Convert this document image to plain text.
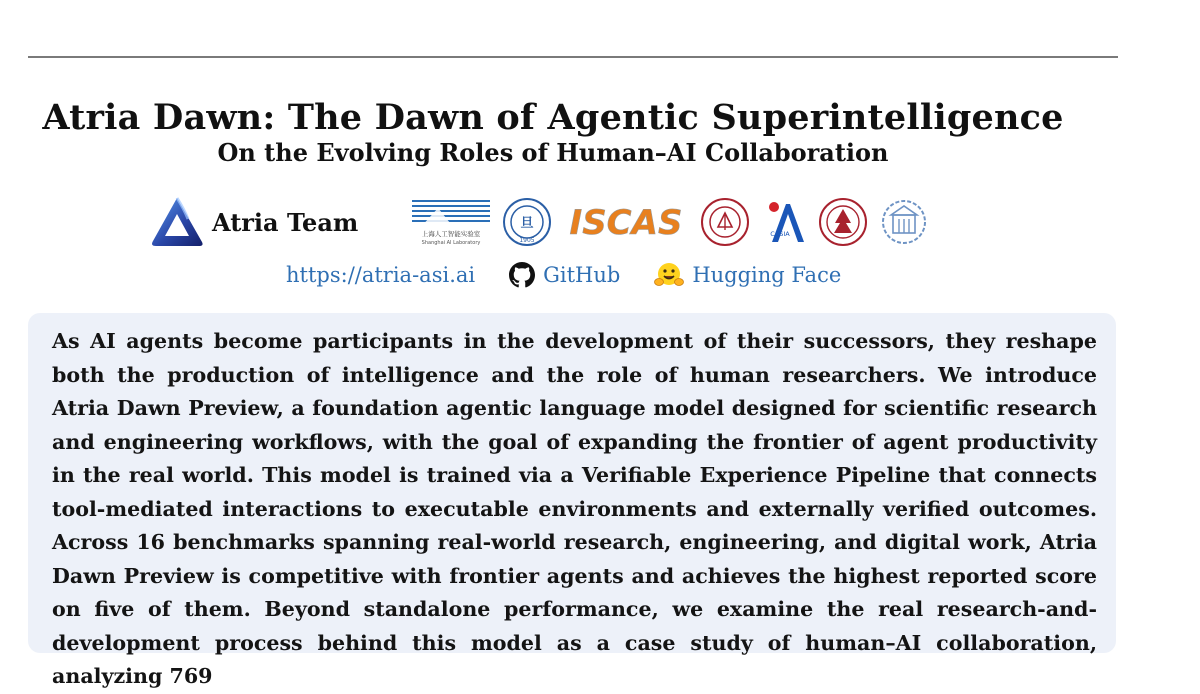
Atria Dawn: The Dawn of Agentic Superintelligence
On the Evolving Roles of Human–AI Collaboration
Atria Team	上海人工智能实验室
Shanghai AI Laboratory
旦
1905 ISCAS	CASIA
https://atria-asi.ai	GitHub	Hugging Face

As AI agents become participants in the development of their successors, they reshape both the production of intelligence and the role of human researchers. We introduce Atria Dawn Preview, a foundation agentic language model designed for scientific research and engineering workflows, with the goal of expanding the frontier of agent productivity in the real world. This model is trained via a Verifiable Experience Pipeline that connects tool-mediated interactions to executable environments and externally verified outcomes. Across 16 benchmarks spanning real-world research, engineering, and digital work, Atria Dawn Preview is competitive with frontier agents and achieves the highest reported score on five of them. Beyond standalone performance, we examine the real research-and-development process behind this model as a case study of human–AI collaboration, analyzing 769
